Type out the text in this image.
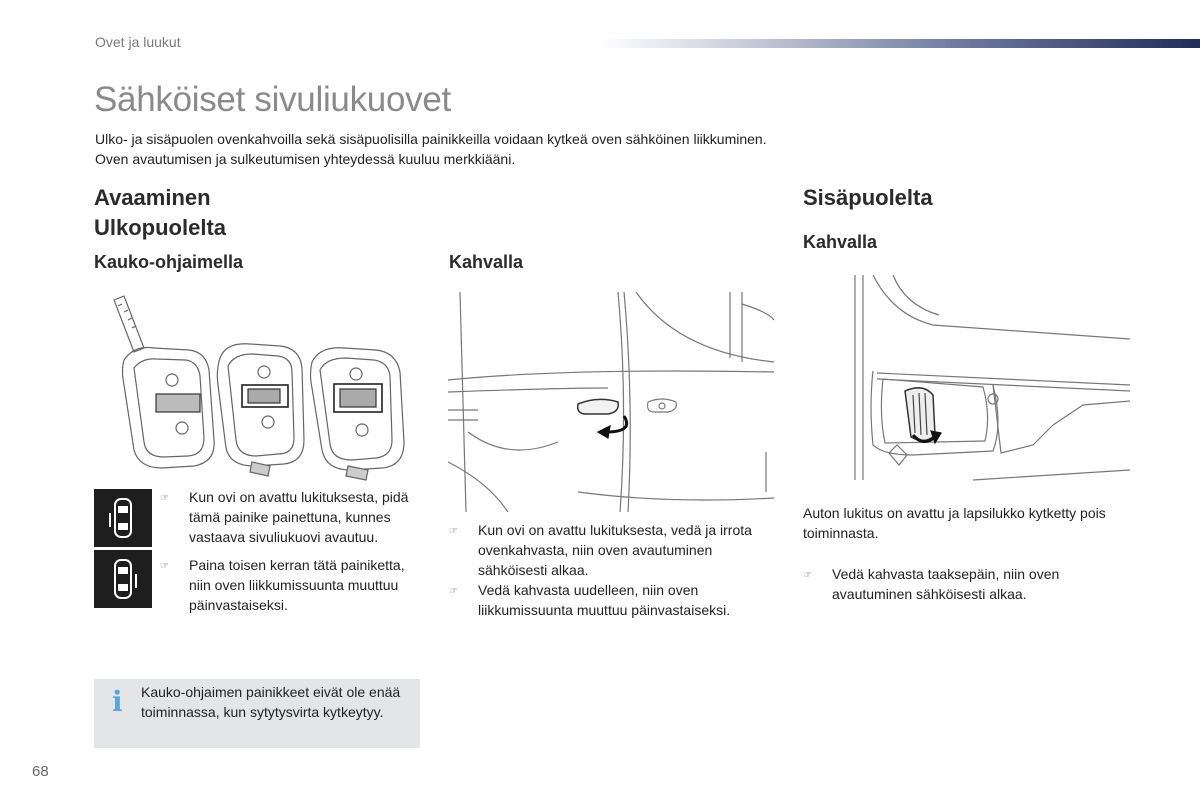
Ovet ja luukut
Sähköiset sivuliukuovet
Ulko- ja sisäpuolen ovenkahvoilla sekä sisäpuolisilla painikkeilla voidaan kytkeä oven sähköinen liikkuminen.
Oven avautumisen ja sulkeutumisen yhteydessä kuuluu merkkiääni.
Avaaminen
Ulkopuolelta
Kauko-ohjaimella
☞ Kun ovi on avattu lukituksesta, pidä tämä painike painettuna, kunnes vastaava sivuliukuovi avautuu.
☞ Paina toisen kerran tätä painiketta, niin oven liikkumissuunta muuttuu päinvastaiseksi.
i Kauko-ohjaimen painikkeet eivät ole enää toiminnassa, kun sytytysvirta kytkeytyy.
Kahvalla
☞ Kun ovi on avattu lukituksesta, vedä ja irrota ovenkahvasta, niin oven avautuminen sähköisesti alkaa.
☞ Vedä kahvasta uudelleen, niin oven liikkumissuunta muuttuu päinvastaiseksi.
Sisäpuolelta
Kahvalla
Auton lukitus on avattu ja lapsilukko kytketty pois toiminnasta.
☞ Vedä kahvasta taaksepäin, niin oven avautuminen sähköisesti alkaa.
68
